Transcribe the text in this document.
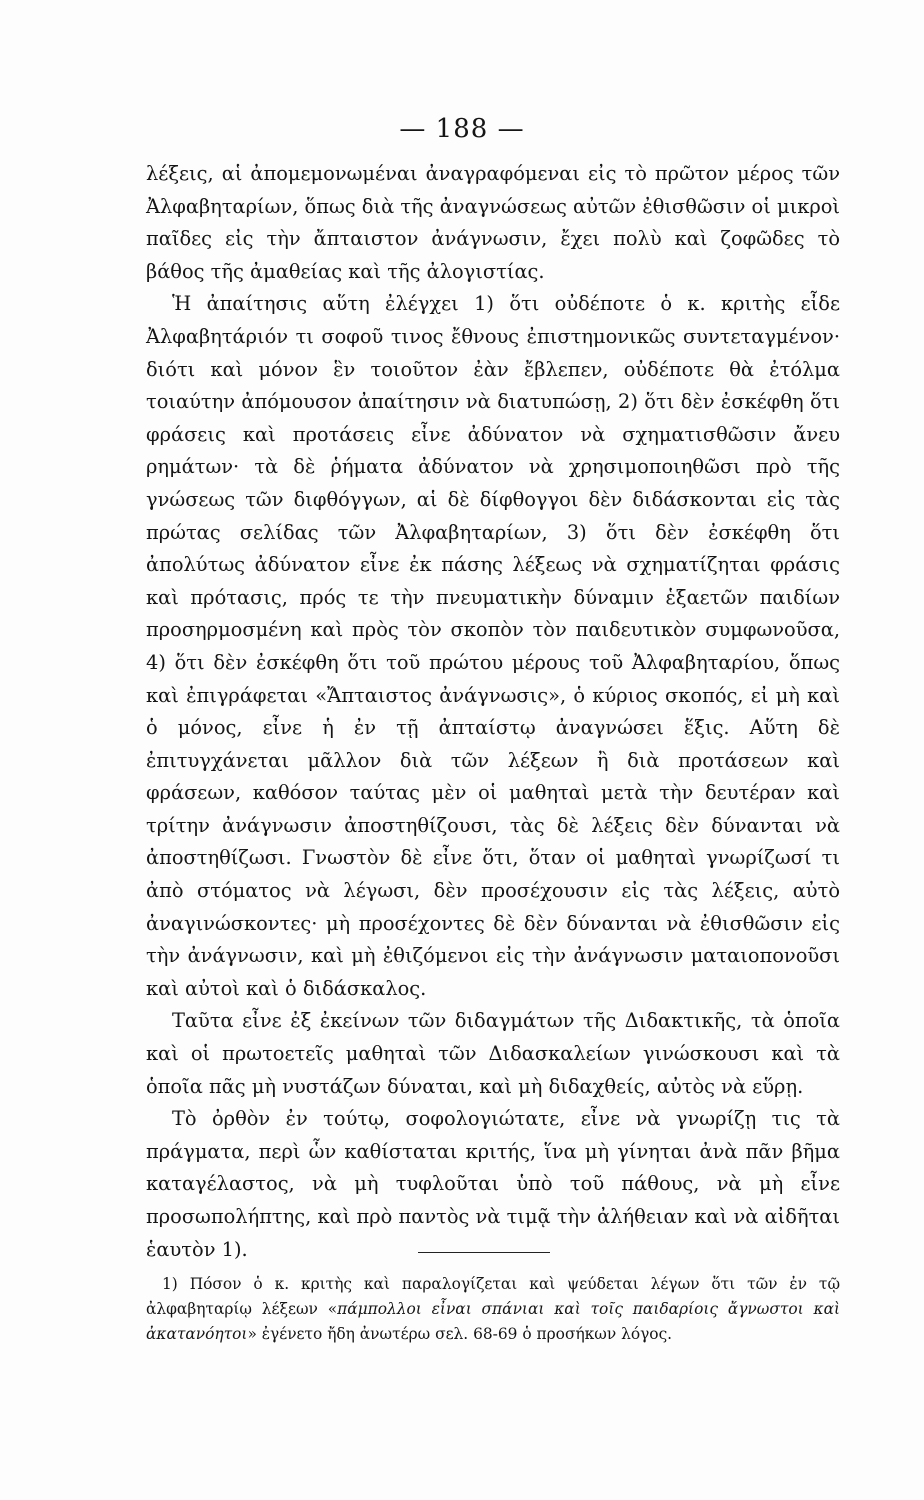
— 188 —

λέξεις, αἱ ἀπομεμονωμέναι ἀναγραφόμεναι εἰς τὸ πρῶτον μέρος τῶν Ἀλφαβηταρίων, ὅπως διὰ τῆς ἀναγνώσεως αὐτῶν ἐθισθῶσιν οἱ μικροὶ παῖδες εἰς τὴν ἄπταιστον ἀνάγνωσιν, ἔχει πολὺ καὶ ζοφῶδες τὸ βάθος τῆς ἀμαθείας καὶ τῆς ἀλογιστίας.

Ἡ ἀπαίτησις αὕτη ἐλέγχει 1) ὅτι οὐδέποτε ὁ κ. κριτὴς εἶδε Ἀλφαβητάριόν τι σοφοῦ τινος ἔθνους ἐπιστημονικῶς συντεταγμένον· διότι καὶ μόνον ἓν τοιοῦτον ἐὰν ἔβλεπεν, οὐδέποτε θὰ ἐτόλμα τοιαύτην ἀπόμουσον ἀπαίτησιν νὰ διατυπώσῃ, 2) ὅτι δὲν ἐσκέφθη ὅτι φράσεις καὶ προτάσεις εἶνε ἀδύνατον νὰ σχηματισθῶσιν ἄνευ ρημάτων· τὰ δὲ ῥήματα ἀδύνατον νὰ χρησιμοποιηθῶσι πρὸ τῆς γνώσεως τῶν διφθόγγων, αἱ δὲ δίφθογγοι δὲν διδάσκονται εἰς τὰς πρώτας σελίδας τῶν Ἀλφαβηταρίων, 3) ὅτι δὲν ἐσκέφθη ὅτι ἀπολύτως ἀδύνατον εἶνε ἐκ πάσης λέξεως νὰ σχηματίζηται φράσις καὶ πρότασις, πρός τε τὴν πνευματικὴν δύναμιν ἑξαετῶν παιδίων προσηρμοσμένη καὶ πρὸς τὸν σκοπὸν τὸν παιδευτικὸν συμφωνοῦσα, 4) ὅτι δὲν ἐσκέφθη ὅτι τοῦ πρώτου μέρους τοῦ Ἀλφαβηταρίου, ὅπως καὶ ἐπιγράφεται «Ἄπταιστος ἀνάγνωσις», ὁ κύριος σκοπός, εἰ μὴ καὶ ὁ μόνος, εἶνε ἡ ἐν τῇ ἀπταίστῳ ἀναγνώσει ἕξις. Αὕτη δὲ ἐπιτυγχάνεται μᾶλλον διὰ τῶν λέξεων ἢ διὰ προτάσεων καὶ φράσεων, καθόσον ταύτας μὲν οἱ μαθηταὶ μετὰ τὴν δευτέραν καὶ τρίτην ἀνάγνωσιν ἀποστηθίζουσι, τὰς δὲ λέξεις δὲν δύνανται νὰ ἀποστηθίζωσι. Γνωστὸν δὲ εἶνε ὅτι, ὅταν οἱ μαθηταὶ γνωρίζωσί τι ἀπὸ στόματος νὰ λέγωσι, δὲν προσέχουσιν εἰς τὰς λέξεις, αὐτὸ ἀναγινώσκοντες· μὴ προσέχοντες δὲ δὲν δύνανται νὰ ἐθισθῶσιν εἰς τὴν ἀνάγνωσιν, καὶ μὴ ἐθιζόμενοι εἰς τὴν ἀνάγνωσιν ματαιοπονοῦσι καὶ αὐτοὶ καὶ ὁ διδάσκαλος.

Ταῦτα εἶνε ἐξ ἐκείνων τῶν διδαγμάτων τῆς Διδακτικῆς, τὰ ὁποῖα καὶ οἱ πρωτοετεῖς μαθηταὶ τῶν Διδασκαλείων γινώσκουσι καὶ τὰ ὁποῖα πᾶς μὴ νυστάζων δύναται, καὶ μὴ διδαχθείς, αὐτὸς νὰ εὕρῃ.

Τὸ ὀρθὸν ἐν τούτῳ, σοφολογιώτατε, εἶνε νὰ γνωρίζῃ τις τὰ πράγματα, περὶ ὧν καθίσταται κριτής, ἵνα μὴ γίνηται ἀνὰ πᾶν βῆμα καταγέλαστος, νὰ μὴ τυφλοῦται ὑπὸ τοῦ πάθους, νὰ μὴ εἶνε προσωπολήπτης, καὶ πρὸ παντὸς νὰ τιμᾷ τὴν ἀλήθειαν καὶ νὰ αἰδῆται ἑαυτὸν 1).

1) Πόσον ὁ κ. κριτὴς καὶ παραλογίζεται καὶ ψεύδεται λέγων ὅτι τῶν ἐν τῷ ἀλφαβηταρίῳ λέξεων «πάμπολλοι εἶναι σπάνιαι καὶ τοῖς παιδαρίοις ἄγνωστοι καὶ ἀκατανόητοι» ἐγένετο ἤδη ἀνωτέρω σελ. 68-69 ὁ προσήκων λόγος.
